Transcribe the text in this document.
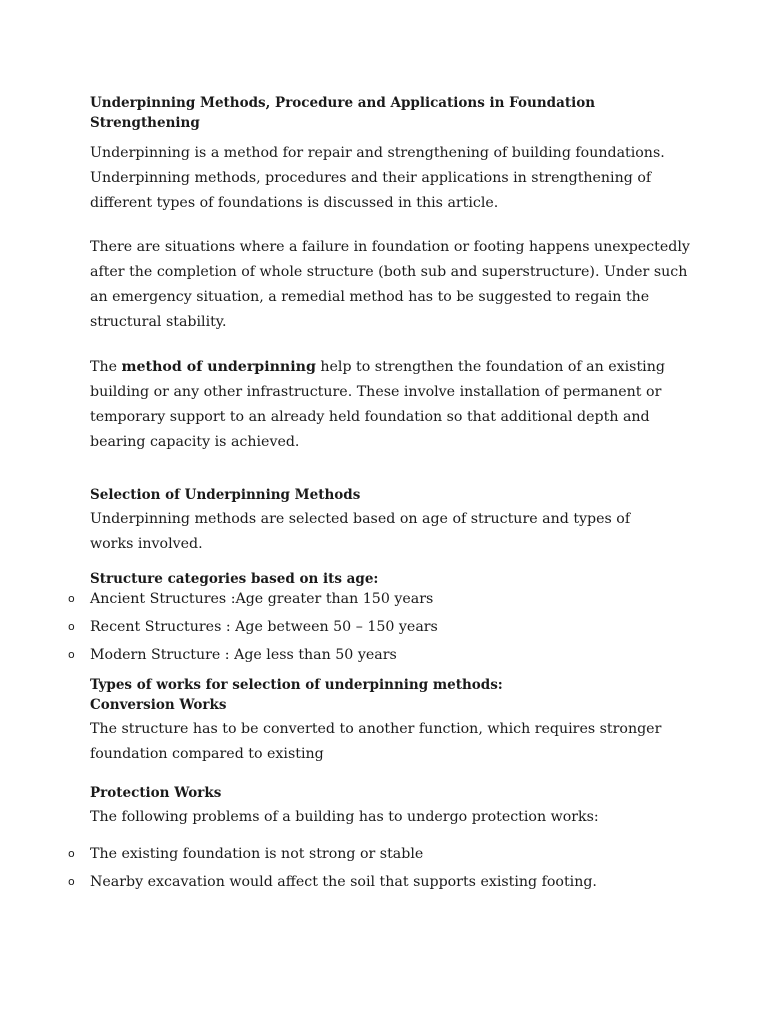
Underpinning Methods, Procedure and Applications in Foundation Strengthening

Underpinning is a method for repair and strengthening of building foundations. Underpinning methods, procedures and their applications in strengthening of different types of foundations is discussed in this article.

There are situations where a failure in foundation or footing happens unexpectedly after the completion of whole structure (both sub and superstructure). Under such an emergency situation, a remedial method has to be suggested to regain the structural stability.

The method of underpinning help to strengthen the foundation of an existing building or any other infrastructure. These involve installation of permanent or temporary support to an already held foundation so that additional depth and bearing capacity is achieved.

Selection of Underpinning Methods

Underpinning methods are selected based on age of structure and types of works involved.

Structure categories based on its age:

o Ancient Structures :Age greater than 150 years
o Recent Structures : Age between 50 – 150 years
o Modern Structure : Age less than 50 years

Types of works for selection of underpinning methods:

Conversion Works

The structure has to be converted to another function, which requires stronger foundation compared to existing

Protection Works

The following problems of a building has to undergo protection works:

o The existing foundation is not strong or stable
o Nearby excavation would affect the soil that supports existing footing.
